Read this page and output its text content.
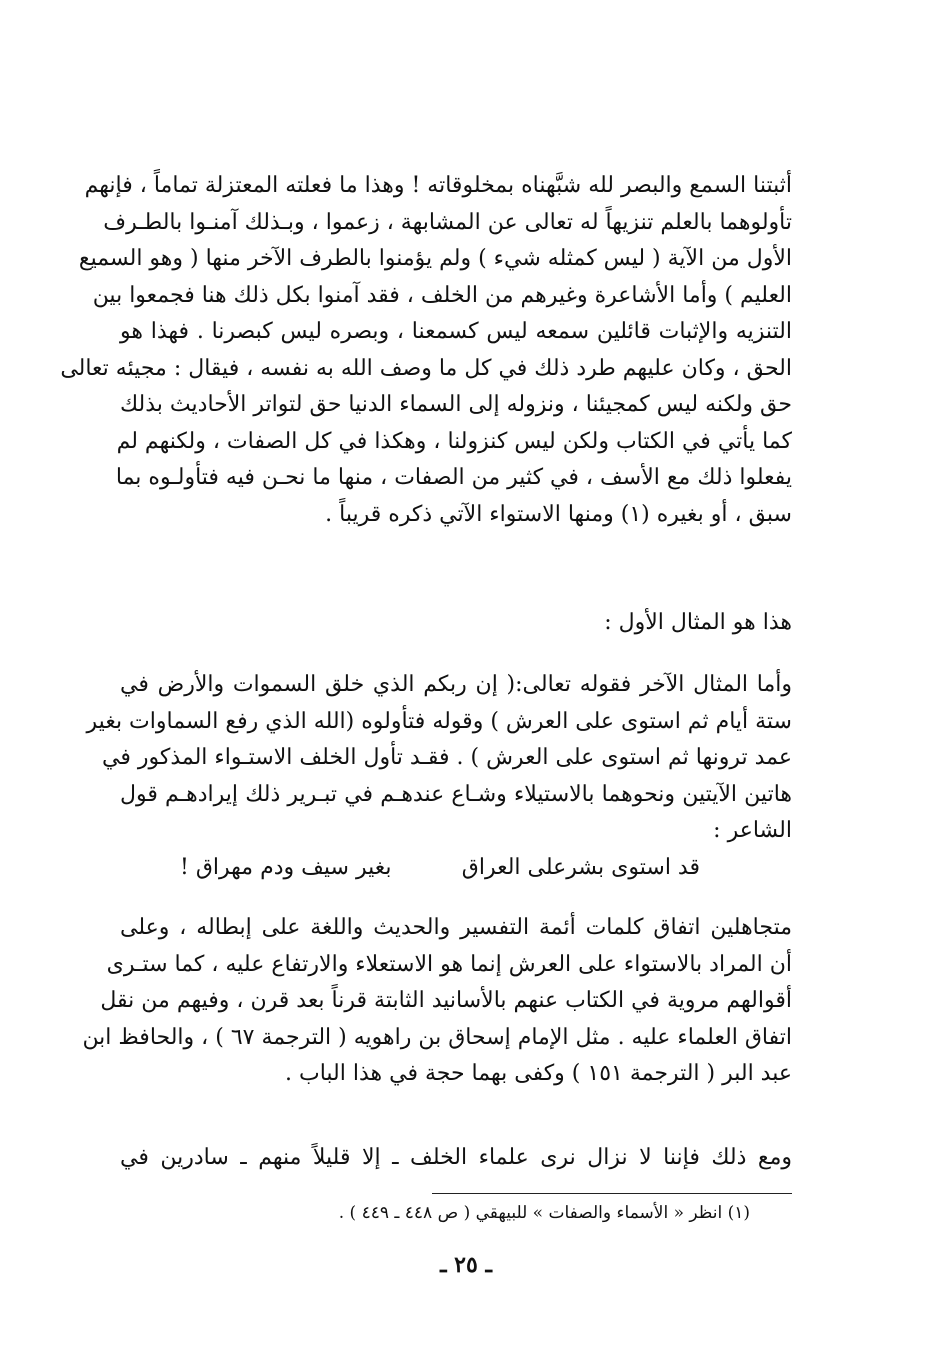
أثبتنا السمع والبصر لله شبَّهناه بمخلوقاته ! وهذا ما فعلته المعتزلة تماماً ، فإنهم
تأولوهما بالعلم تنزيهاً له تعالى عن المشابهة ، زعموا ، وبـذلك آمنـوا بالطـرف
الأول من الآية ( ليس كمثله شيء ) ولم يؤمنوا بالطرف الآخر منها ( وهو السميع
العليم ) وأما الأشاعرة وغيرهم من الخلف ، فقد آمنوا بكل ذلك هنا فجمعوا بين
التنزيه والإثبات قائلين سمعه ليس كسمعنا ، وبصره ليس كبصرنا . فهذا هو
الحق ، وكان عليهم طرد ذلك في كل ما وصف الله به نفسه ، فيقال : مجيئه تعالى
حق ولكنه ليس كمجيئنا ، ونزوله إلى السماء الدنيا حق لتواتر الأحاديث بذلك
كما يأتي في الكتاب ولكن ليس كنزولنا ، وهكذا في كل الصفات ، ولكنهم لم
يفعلوا ذلك مع الأسف ، في كثير من الصفات ، منها ما نحـن فيه فتأولـوه بما
سبق ، أو بغيره (١) ومنها الاستواء الآتي ذكره قريباً .
هذا هو المثال الأول :
وأما المثال الآخر فقوله تعالى:( إن ربكم الذي خلق السموات والأرض في
ستة أيام ثم استوى على العرش ) وقوله فتأولوه (الله الذي رفع السماوات بغير
عمد ترونها ثم استوى على العرش ) . فقـد تأول الخلف الاستـواء المذكور في
هاتين الآيتين ونحوهما بالاستيلاء وشـاع عندهـم في تبـرير ذلك إيرادهـم قول
الشاعر :
قد استوى بشرعلى العراق
بغير سيف ودم مهراق !
متجاهلين اتفاق كلمات أئمة التفسير والحديث واللغة على إبطاله ، وعلى
أن المراد بالاستواء على العرش إنما هو الاستعلاء والارتفاع عليه ، كما ستـرى
أقوالهم مروية في الكتاب عنهم بالأسانيد الثابتة قرناً بعد قرن ، وفيهم من نقل
اتفاق العلماء عليه . مثل الإمام إسحاق بن راهويه ( الترجمة ٦٧ ) ، والحافظ ابن
عبد البر ( الترجمة ١٥١ ) وكفى بهما حجة في هذا الباب .
ومع ذلك فإننا لا نزال نرى علماء الخلف ـ إلا قليلاً منهم ـ سادرين في
(١) انظر « الأسماء والصفات » للبيهقي ( ص ٤٤٨ ـ ٤٤٩ ) .
ـ ٢٥ ـ
